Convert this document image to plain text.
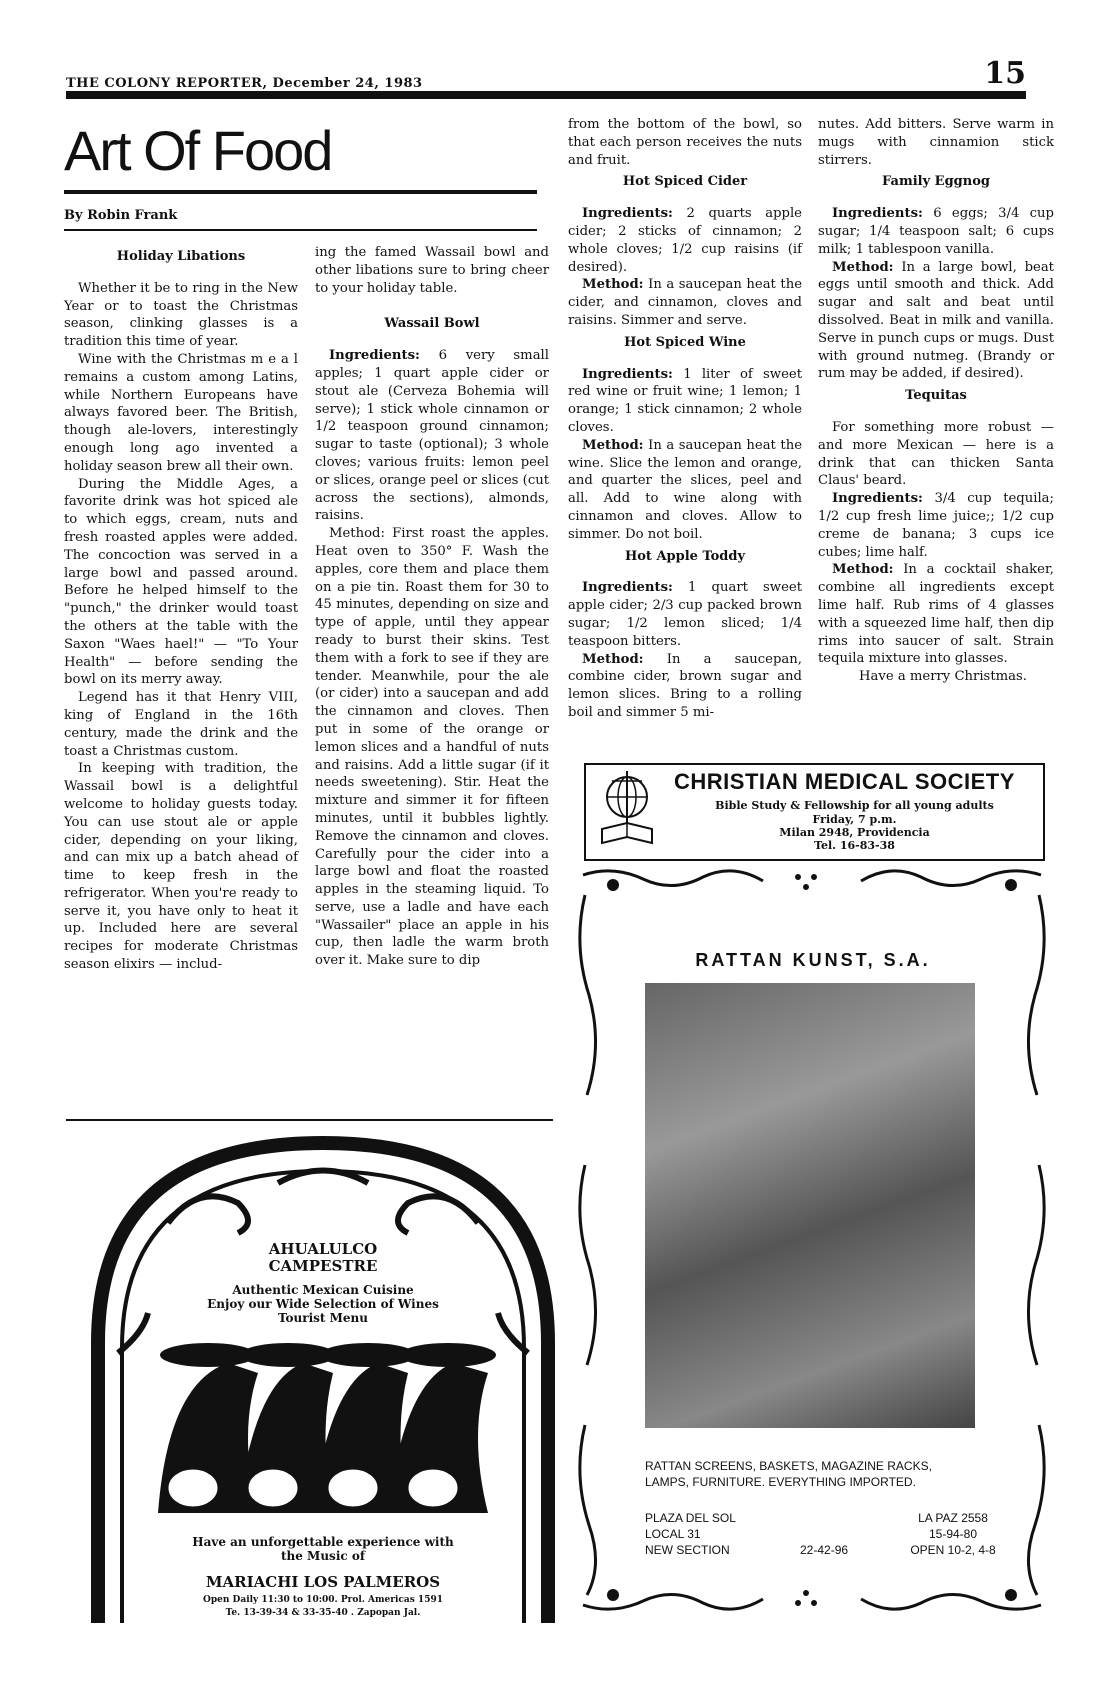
THE COLONY REPORTER, December 24, 1983	15
Art Of Food
By Robin Frank
Holiday Libations

Whether it be to ring in the New Year or to toast the Christmas season, clinking glasses is a tradition this time of year.

Wine with the Christmas m e a l remains a custom among Latins, while Northern Europeans have always favored beer. The British, though ale-lovers, interestingly enough long ago invented a holiday season brew all their own.

During the Middle Ages, a favorite drink was hot spiced ale to which eggs, cream, nuts and fresh roasted apples were added. The concoction was served in a large bowl and passed around. Before he helped himself to the "punch," the drinker would toast the others at the table with the Saxon "Waes hael!" — "To Your Health" — before sending the bowl on its merry away.

Legend has it that Henry VIII, king of England in the 16th century, made the drink and the toast a Christmas custom.

In keeping with tradition, the Wassail bowl is a delightful welcome to holiday guests today. You can use stout ale or apple cider, depending on your liking, and can mix up a batch ahead of time to keep fresh in the refrigerator. When you're ready to serve it, you have only to heat it up. Included here are several recipes for moderate Christmas season elixirs — includ-

ing the famed Wassail bowl and other libations sure to bring cheer to your holiday table.

Wassail Bowl

Ingredients: 6 very small apples; 1 quart apple cider or stout ale (Cerveza Bohemia will serve); 1 stick whole cinnamon or 1/2 teaspoon ground cinnamon; sugar to taste (optional); 3 whole cloves; various fruits: lemon peel or slices, orange peel or slices (cut across the sections), almonds, raisins.

Method: First roast the apples. Heat oven to 350° F. Wash the apples, core them and place them on a pie tin. Roast them for 30 to 45 minutes, depending on size and type of apple, until they appear ready to burst their skins. Test them with a fork to see if they are tender. Meanwhile, pour the ale (or cider) into a saucepan and add the cinnamon and cloves. Then put in some of the orange or lemon slices and a handful of nuts and raisins. Add a little sugar (if it needs sweetening). Stir. Heat the mixture and simmer it for fifteen minutes, until it bubbles lightly. Remove the cinnamon and cloves. Carefully pour the cider into a large bowl and float the roasted apples in the steaming liquid. To serve, use a ladle and have each "Wassailer" place an apple in his cup, then ladle the warm broth over it. Make sure to dip

from the bottom of the bowl, so that each person receives the nuts and fruit.

Hot Spiced Cider

Ingredients: 2 quarts apple cider; 2 sticks of cinnamon; 2 whole cloves; 1/2 cup raisins (if desired).

Method: In a saucepan heat the cider, and cinnamon, cloves and raisins. Simmer and serve.

Hot Spiced Wine

Ingredients: 1 liter of sweet red wine or fruit wine; 1 lemon; 1 orange; 1 stick cinnamon; 2 whole cloves.

Method: In a saucepan heat the wine. Slice the lemon and orange, and quarter the slices, peel and all. Add to wine along with cinnamon and cloves. Allow to simmer. Do not boil.

Hot Apple Toddy

Ingredients: 1 quart sweet apple cider; 2/3 cup packed brown sugar; 1/2 lemon sliced; 1/4 teaspoon bitters.

Method: In a saucepan, combine cider, brown sugar and lemon slices. Bring to a rolling boil and simmer 5 mi-

nutes. Add bitters. Serve warm in mugs with cinnamion stick stirrers.

Family Eggnog

Ingredients: 6 eggs; 3/4 cup sugar; 1/4 teaspoon salt; 6 cups milk; 1 tablespoon vanilla.

Method: In a large bowl, beat eggs until smooth and thick. Add sugar and salt and beat until dissolved. Beat in milk and vanilla. Serve in punch cups or mugs. Dust with ground nutmeg. (Brandy or rum may be added, if desired).

Tequitas

For something more robust — and more Mexican — here is a drink that can thicken Santa Claus' beard.

Ingredients: 3/4 cup tequila; 1/2 cup fresh lime juice;; 1/2 cup creme de banana; 3 cups ice cubes; lime half.

Method: In a cocktail shaker, combine all ingredients except lime half. Rub rims of 4 glasses with a squeezed lime half, then dip rims into saucer of salt. Strain tequila mixture into glasses.

Have a merry Christmas.

CHRISTIAN MEDICAL SOCIETY
Bible Study & Fellowship for all young adults
Friday, 7 p.m.
Milan 2948, Providencia
Tel. 16-83-38
RATTAN KUNST, S.A.
RATTAN SCREENS, BASKETS, MAGAZINE RACKS,
LAMPS, FURNITURE. EVERYTHING IMPORTED.
PLAZA DEL SOL
LOCAL 31
NEW SECTION	22-42-96
LA PAZ 2558
15-94-80
OPEN 10-2, 4-8
AHUALULCO
CAMPESTRE
Authentic Mexican Cuisine
Enjoy our Wide Selection of Wines
Tourist Menu
Have an unforgettable experience with
the Music of
MARIACHI LOS PALMEROS
Open Daily 11:30 to 10:00. Prol. Americas 1591
Te. 13-39-34 & 33-35-40 . Zapopan Jal.
